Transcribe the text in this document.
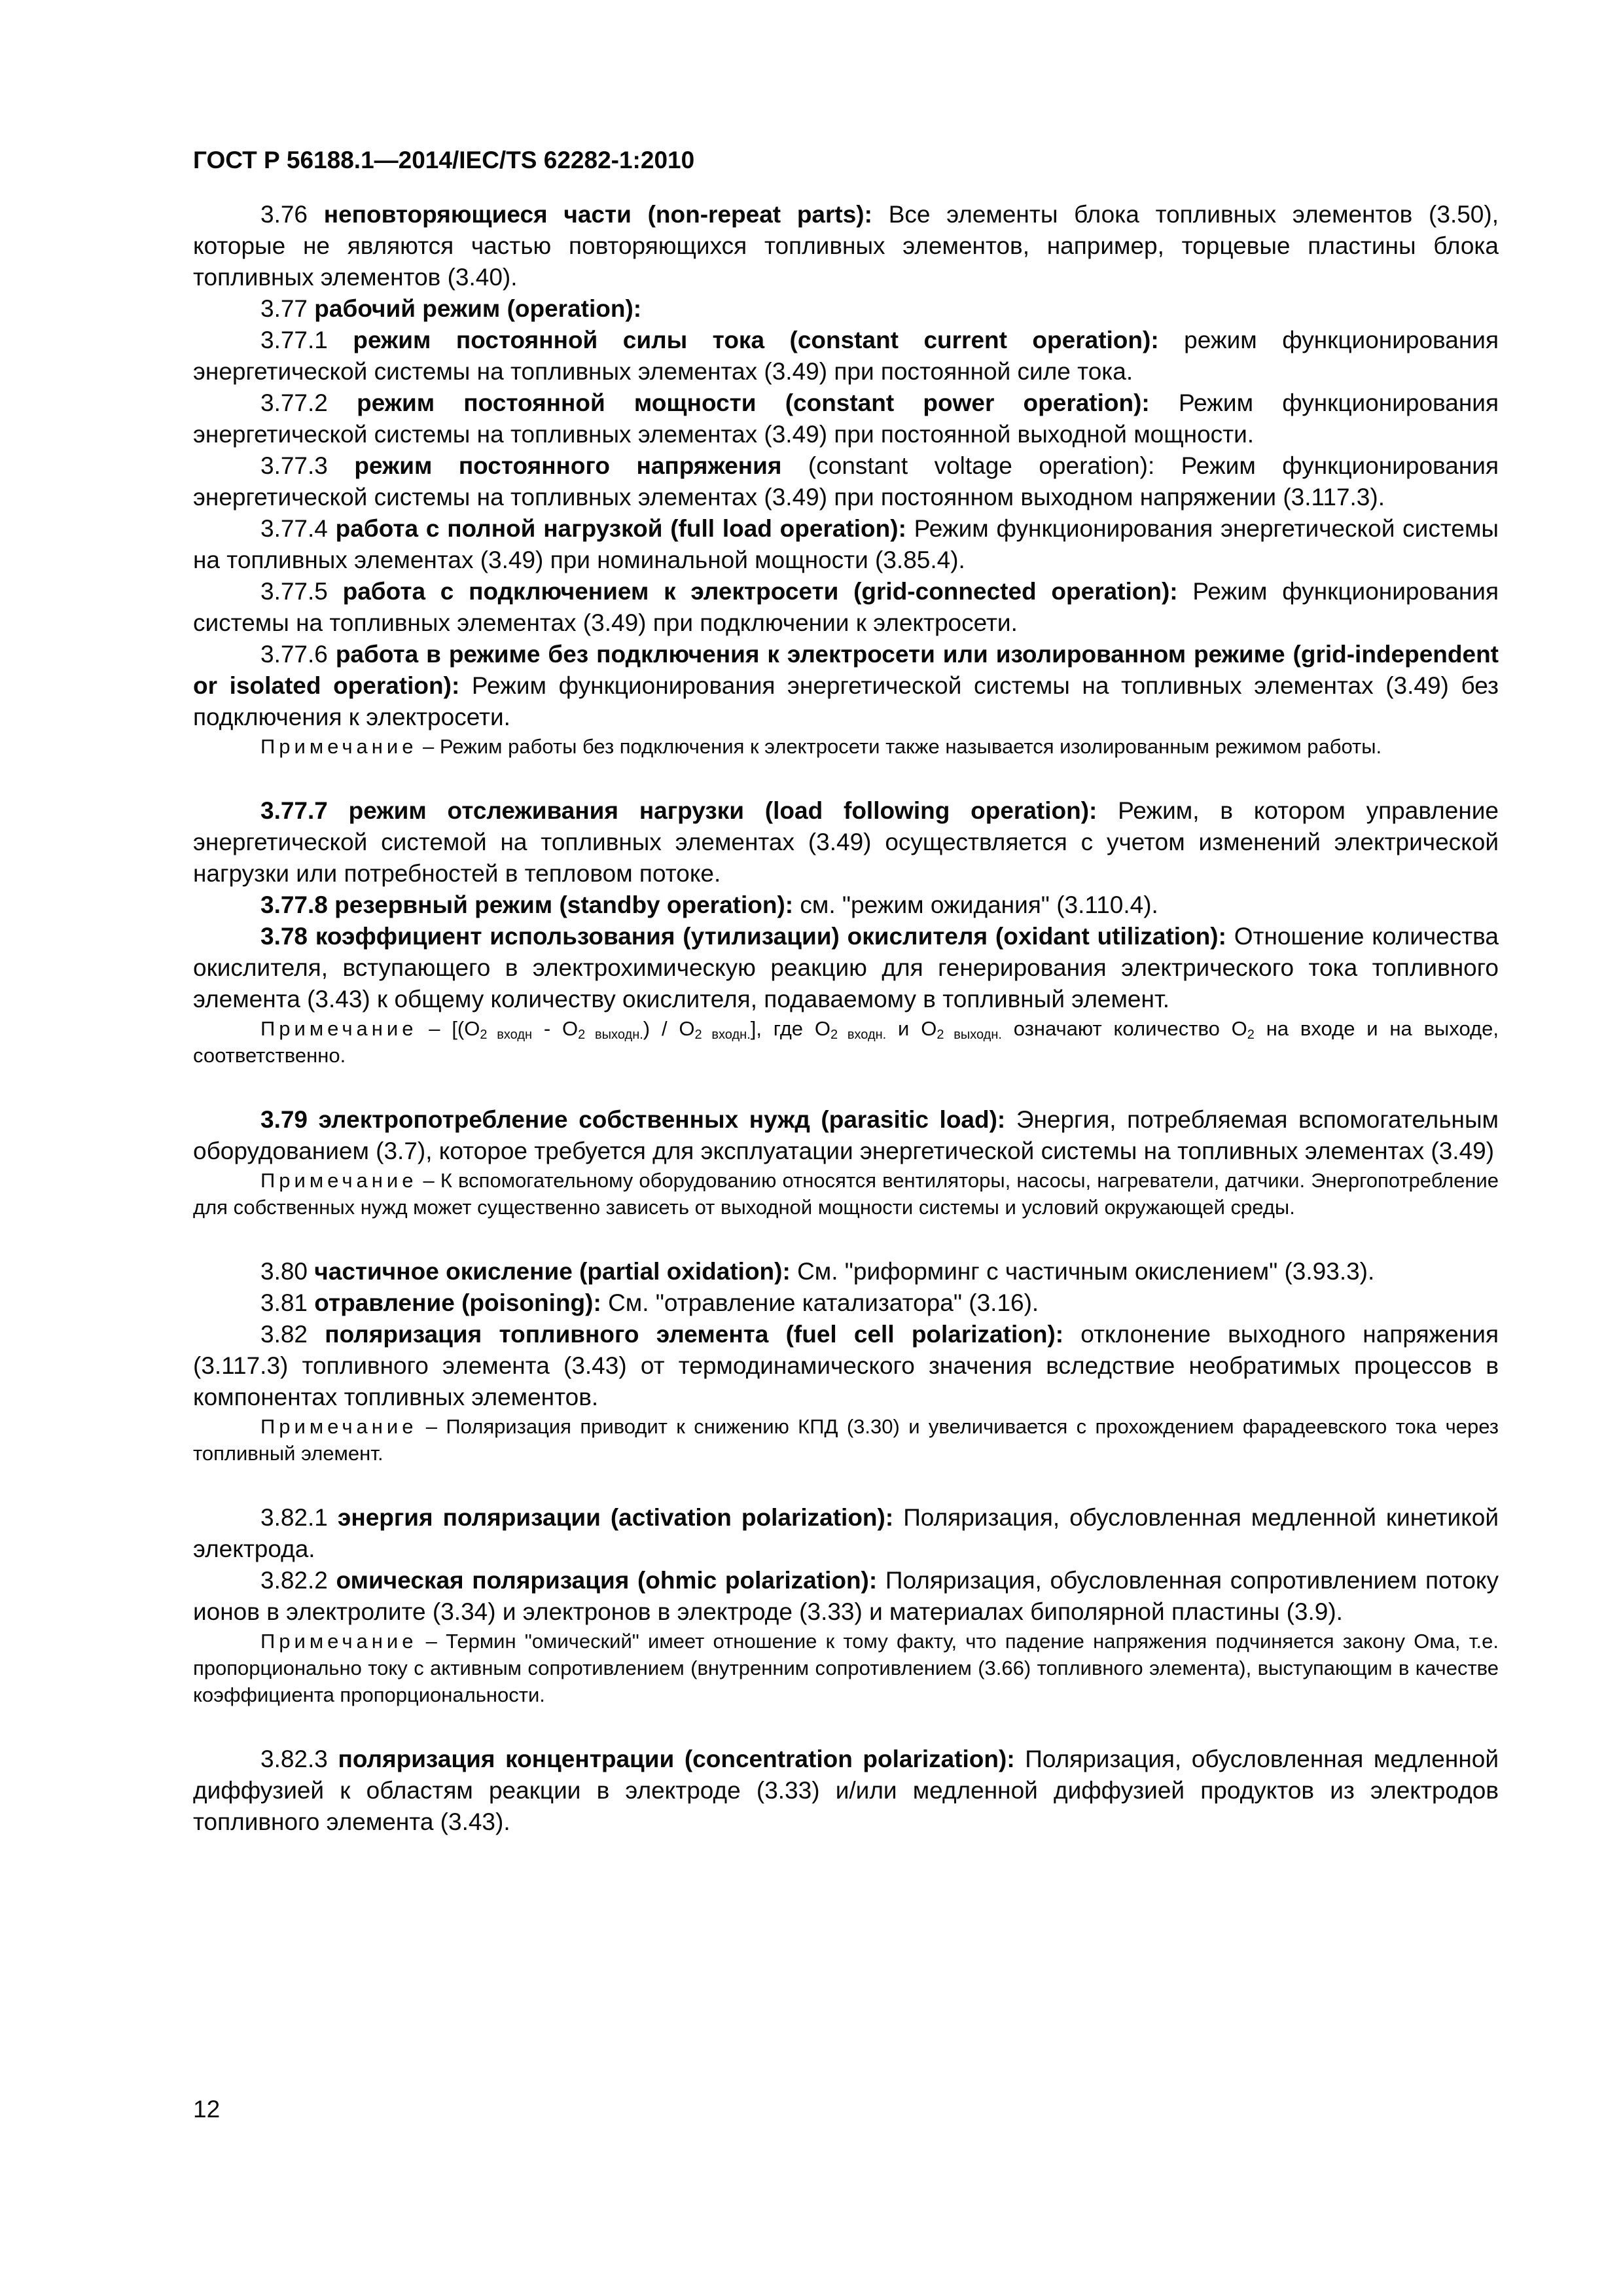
ГОСТ Р 56188.1—2014/IEC/TS 62282-1:2010

3.76 неповторяющиеся части (non-repeat parts): Все элементы блока топливных элементов (3.50), которые не являются частью повторяющихся топливных элементов, например, торцевые пластины блока топливных элементов (3.40).

3.77 рабочий режим (operation):

3.77.1 режим постоянной силы тока (constant current operation): режим функционирования энергетической системы на топливных элементах (3.49) при постоянной силе тока.

3.77.2 режим постоянной мощности (constant power operation): Режим функционирования энергетической системы на топливных элементах (3.49) при постоянной выходной мощности.

3.77.3 режим постоянного напряжения (constant voltage operation): Режим функционирования энергетической системы на топливных элементах (3.49) при постоянном выходном напряжении (3.117.3).

3.77.4 работа с полной нагрузкой (full load operation): Режим функционирования энергетической системы на топливных элементах (3.49) при номинальной мощности (3.85.4).

3.77.5 работа с подключением к электросети (grid-connected operation): Режим функционирования системы на топливных элементах (3.49) при подключении к электросети.

3.77.6 работа в режиме без подключения к электросети или изолированном режиме (grid-independent or isolated operation): Режим функционирования энергетической системы на топливных элементах (3.49) без подключения к электросети.

Примечание – Режим работы без подключения к электросети также называется изолированным режимом работы.

3.77.7 режим отслеживания нагрузки (load following operation): Режим, в котором управление энергетической системой на топливных элементах (3.49) осуществляется с учетом изменений электрической нагрузки или потребностей в тепловом потоке.

3.77.8 резервный режим (standby operation): см. "режим ожидания" (3.110.4).

3.78 коэффициент использования (утилизации) окислителя (oxidant utilization): Отношение количества окислителя, вступающего в электрохимическую реакцию для генерирования электрического тока топливного элемента (3.43) к общему количеству окислителя, подаваемому в топливный элемент.

Примечание – $[(O_{2 входн} - O_{2 выходн.}) / O_{2 входн.}]$, где $O_{2 входн.}$ и $O_{2 выходн.}$ означают количество $O_2$ на входе и на выходе, соответственно.

3.79 электропотребление собственных нужд (parasitic load): Энергия, потребляемая вспомогательным оборудованием (3.7), которое требуется для эксплуатации энергетической системы на топливных элементах (3.49)

Примечание – К вспомогательному оборудованию относятся вентиляторы, насосы, нагреватели, датчики. Энергопотребление для собственных нужд может существенно зависеть от выходной мощности системы и условий окружающей среды.

3.80 частичное окисление (partial oxidation): См. "риформинг с частичным окислением" (3.93.3).

3.81 отравление (poisoning): См. "отравление катализатора" (3.16).

3.82 поляризация топливного элемента (fuel cell polarization): отклонение выходного напряжения (3.117.3) топливного элемента (3.43) от термодинамического значения вследствие необратимых процессов в компонентах топливных элементов.

Примечание – Поляризация приводит к снижению КПД (3.30) и увеличивается с прохождением фарадеевского тока через топливный элемент.

3.82.1 энергия поляризации (activation polarization): Поляризация, обусловленная медленной кинетикой электрода.

3.82.2 омическая поляризация (ohmic polarization): Поляризация, обусловленная сопротивлением потоку ионов в электролите (3.34) и электронов в электроде (3.33) и материалах биполярной пластины (3.9).

Примечание – Термин "омический" имеет отношение к тому факту, что падение напряжения подчиняется закону Ома, т.е. пропорционально току с активным сопротивлением (внутренним сопротивлением (3.66) топливного элемента), выступающим в качестве коэффициента пропорциональности.

3.82.3 поляризация концентрации (concentration polarization): Поляризация, обусловленная медленной диффузией к областям реакции в электроде (3.33) и/или медленной диффузией продуктов из электродов топливного элемента (3.43).

12
